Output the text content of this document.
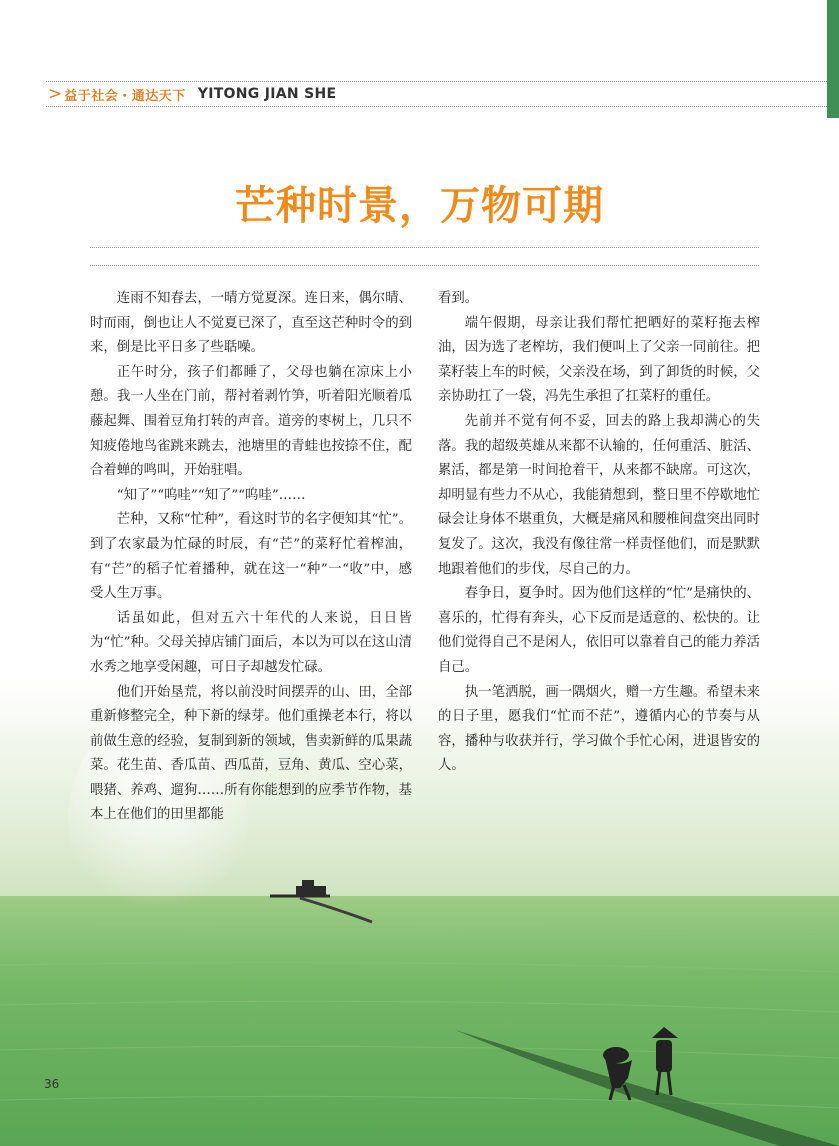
> 益于社会・通达天下 YITONG JIAN SHE
芒种时景，万物可期

连雨不知春去，一晴方觉夏深。连日来，偶尔晴、时而雨，倒也让人不觉夏已深了，直至这芒种时令的到来，倒是比平日多了些聒噪。

正午时分，孩子们都睡了，父母也躺在凉床上小憩。我一人坐在门前，帮衬着剥竹笋，听着阳光顺着瓜藤起舞、围着豆角打转的声音。道旁的枣树上，几只不知疲倦地鸟雀跳来跳去，池塘里的青蛙也按捺不住，配合着蝉的鸣叫，开始驻唱。

“知了”“呜哇”“知了”“呜哇”……

芒种，又称“忙种”，看这时节的名字便知其“忙”。到了农家最为忙碌的时辰，有“芒”的菜籽忙着榨油，有“芒”的稻子忙着播种，就在这一“种”一“收”中，感受人生万事。

话虽如此，但对五六十年代的人来说，日日皆为“忙”种。父母关掉店铺门面后，本以为可以在这山清水秀之地享受闲趣，可日子却越发忙碌。

他们开始垦荒，将以前没时间摆弄的山、田，全部重新修整完全，种下新的绿芽。他们重操老本行，将以前做生意的经验，复制到新的领域，售卖新鲜的瓜果蔬菜。花生苗、香瓜苗、西瓜苗，豆角、黄瓜、空心菜，喂猪、养鸡、遛狗……所有你能想到的应季节作物，基本上在他们的田里都能

看到。

端午假期，母亲让我们帮忙把晒好的菜籽拖去榨油，因为选了老榨坊，我们便叫上了父亲一同前往。把菜籽装上车的时候，父亲没在场，到了卸货的时候，父亲协助扛了一袋，冯先生承担了扛菜籽的重任。

先前并不觉有何不妥，回去的路上我却满心的失落。我的超级英雄从来都不认输的，任何重活、脏活、累活，都是第一时间抢着干，从来都不缺席。可这次，却明显有些力不从心，我能猜想到，整日里不停歇地忙碌会让身体不堪重负，大概是痛风和腰椎间盘突出同时复发了。这次，我没有像往常一样责怪他们，而是默默地跟着他们的步伐，尽自己的力。

春争日，夏争时。因为他们这样的“忙”是痛快的、喜乐的，忙得有奔头，心下反而是适意的、松快的。让他们觉得自己不是闲人，依旧可以靠着自己的能力养活自己。

执一笔洒脱，画一隅烟火，赠一方生趣。希望未来的日子里，愿我们“忙而不茫”，遵循内心的节奏与从容，播种与收获并行，学习做个手忙心闲，进退皆安的人。

36
